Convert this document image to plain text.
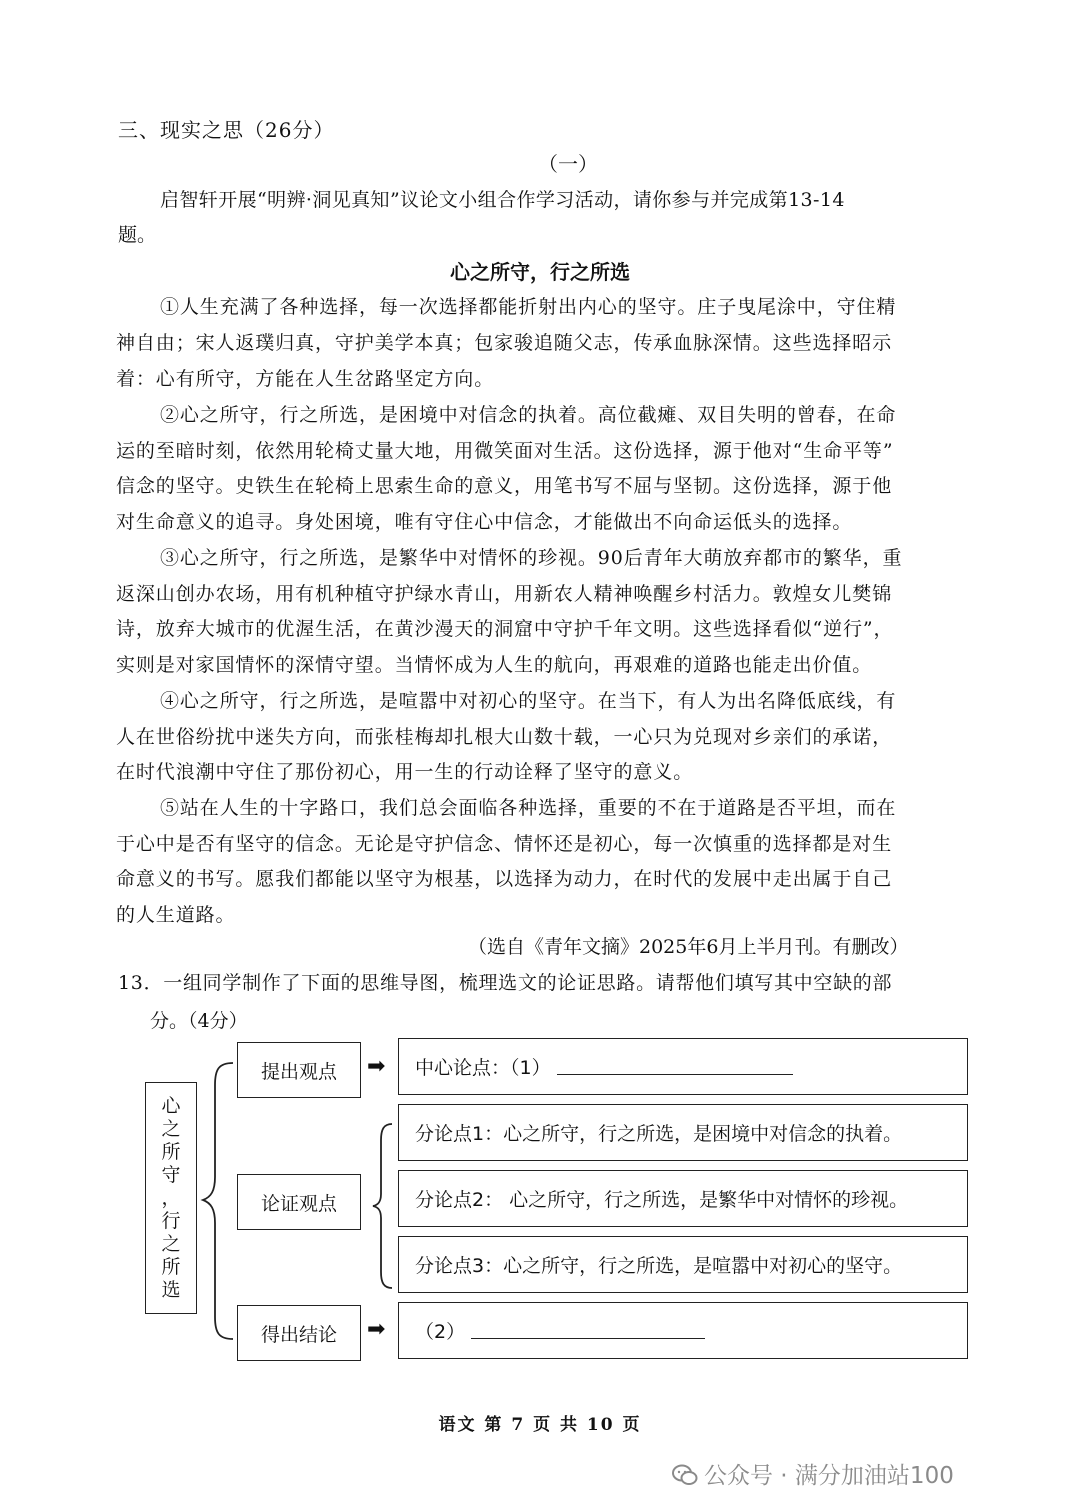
三、现实之思（26分）
（一）
启智轩开展“明辨·洞见真知”议论文小组合作学习活动，请你参与并完成第13-14
题。
心之所守，行之所选
①人生充满了各种选择，每一次选择都能折射出内心的坚守。庄子曳尾涂中，守住精
神自由；宋人返璞归真，守护美学本真；包家骏追随父志，传承血脉深情。这些选择昭示
着：心有所守，方能在人生岔路坚定方向。
②心之所守，行之所选，是困境中对信念的执着。高位截瘫、双目失明的曾春，在命
运的至暗时刻，依然用轮椅丈量大地，用微笑面对生活。这份选择，源于他对“生命平等”
信念的坚守。史铁生在轮椅上思索生命的意义，用笔书写不屈与坚韧。这份选择，源于他
对生命意义的追寻。身处困境，唯有守住心中信念，才能做出不向命运低头的选择。
③心之所守，行之所选，是繁华中对情怀的珍视。90后青年大萌放弃都市的繁华，重
返深山创办农场，用有机种植守护绿水青山，用新农人精神唤醒乡村活力。敦煌女儿樊锦
诗，放弃大城市的优渥生活，在黄沙漫天的洞窟中守护千年文明。这些选择看似“逆行”，
实则是对家国情怀的深情守望。当情怀成为人生的航向，再艰难的道路也能走出价值。
④心之所守，行之所选，是喧嚣中对初心的坚守。在当下，有人为出名降低底线，有
人在世俗纷扰中迷失方向，而张桂梅却扎根大山数十载，一心只为兑现对乡亲们的承诺，
在时代浪潮中守住了那份初心，用一生的行动诠释了坚守的意义。
⑤站在人生的十字路口，我们总会面临各种选择，重要的不在于道路是否平坦，而在
于心中是否有坚守的信念。无论是守护信念、情怀还是初心，每一次慎重的选择都是对生
命意义的书写。愿我们都能以坚守为根基，以选择为动力，在时代的发展中走出属于自己
的人生道路。
（选自《青年文摘》2025年6月上半月刊。有删改）
13．一组同学制作了下面的思维导图，梳理选文的论证思路。请帮他们填写其中空缺的部
分。（4分）
心
之
所
守
，
行
之
所
选
提出观点
论证观点
得出结论
➡
➡
中心论点：（1）
分论点1：心之所守，行之所选，是困境中对信念的执着。
分论点2： 心之所守，行之所选，是繁华中对情怀的珍视。
分论点3：心之所守，行之所选，是喧嚣中对初心的坚守。
（2）
语文 第 7 页 共 10 页
公众号 · 满分加油站100
